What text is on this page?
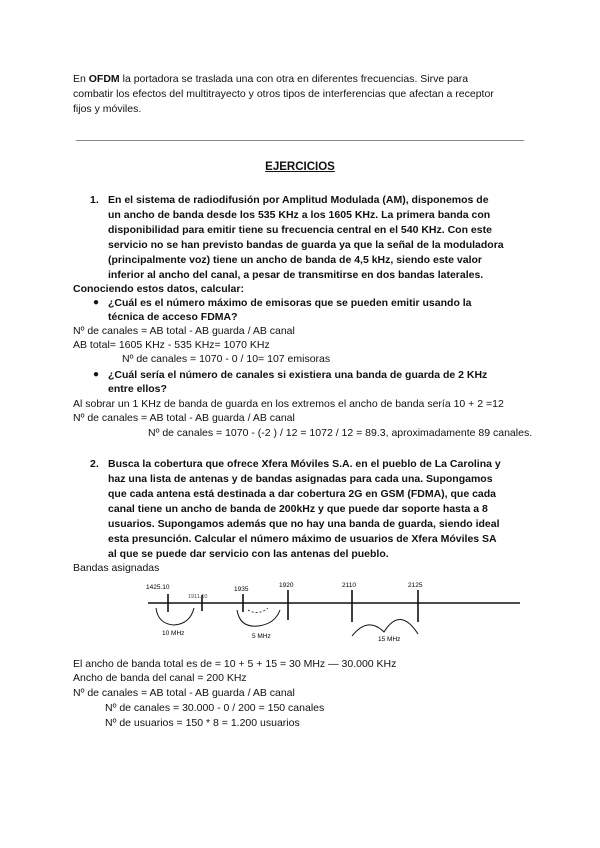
En OFDM la portadora se traslada una con otra en diferentes frecuencias. Sirve para
combatir los efectos del multitrayecto y otros tipos de interferencias que afectan a receptor
fijos y móviles.
EJERCICIOS
1. En el sistema de radiodifusión por Amplitud Modulada (AM), disponemos de
un ancho de banda desde los 535 KHz a los 1605 KHz. La primera banda con
disponibilidad para emitir tiene su frecuencia central en el 540 KHz. Con este
servicio no se han previsto bandas de guarda ya que la señal de la moduladora
(principalmente voz) tiene un ancho de banda de 4,5 kHz, siendo este valor
inferior al ancho del canal, a pesar de transmitirse en dos bandas laterales.
Conociendo estos datos, calcular:
● ¿Cuál es el número máximo de emisoras que se pueden emitir usando la
técnica de acceso FDMA?
Nº de canales = AB total - AB guarda / AB canal
AB total= 1605 KHz - 535 KHz= 1070 KHz
Nº de canales = 1070 - 0 / 10= 107 emisoras
● ¿Cuál sería el número de canales si existiera una banda de guarda de 2 KHz
entre ellos?
Al sobrar un 1 KHz de banda de guarda en los extremos el ancho de banda sería 10 + 2 =12
Nº de canales = AB total - AB guarda / AB canal
Nº de canales = 1070 - (-2 ) / 12 = 1072 / 12 = 89.3, aproximadamente 89 canales.
2. Busca la cobertura que ofrece Xfera Móviles S.A. en el pueblo de La Carolina y
haz una lista de antenas y de bandas asignadas para cada una. Supongamos
que cada antena está destinada a dar cobertura 2G en GSM (FDMA), que cada
canal tiene un ancho de banda de 200kHz y que puede dar soporte hasta a 8
usuarios. Supongamos además que no hay una banda de guarda, siendo ideal
esta presunción. Calcular el número máximo de usuarios de Xfera Móviles SA
al que se puede dar servicio con las antenas del pueblo.
Bandas asignadas
1425.10
1911.10
1935
1920	2110	2125
10 MHz	5 MHz	15 MHz
El ancho de banda total es de = 10 + 5 + 15 = 30 MHz — 30.000 KHz
Ancho de banda del canal = 200 KHz
Nº de canales = AB total - AB guarda / AB canal
Nº de canales = 30.000 - 0 / 200 = 150 canales
Nº de usuarios = 150 * 8 = 1.200 usuarios
